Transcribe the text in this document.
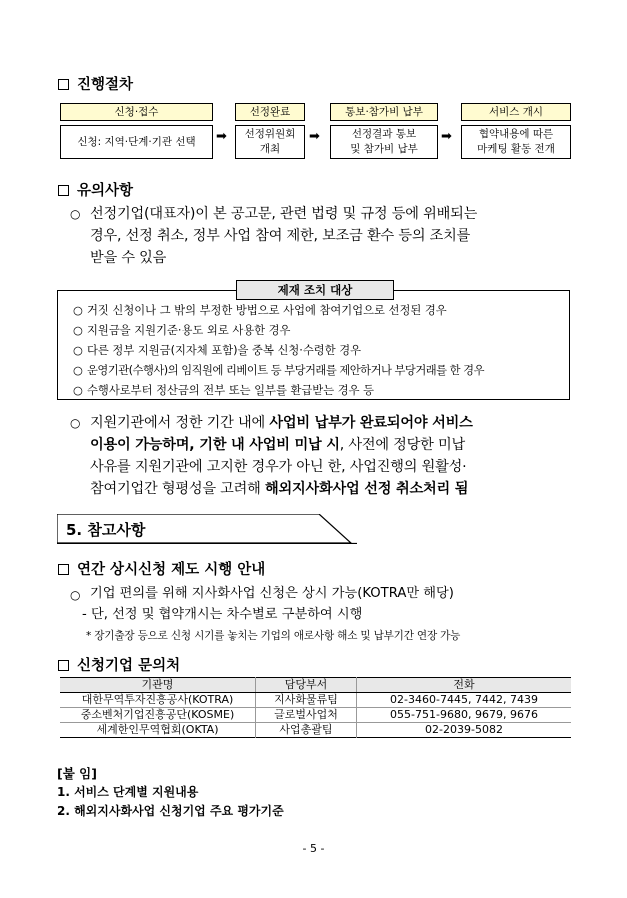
진행절차
신청·접수
신청: 지역·단계·기관 선택 ➡
선정완료
선정위원회
개최
➡
통보·참가비 납부
선정결과 통보
및 참가비 납부
➡
서비스 개시
협약내용에 따른
마케팅 활동 전개
유의사항
○ 선정기업(대표자)이 본 공고문, 관련 법령 및 규정 등에 위배되는
경우, 선정 취소, 정부 사업 참여 제한, 보조금 환수 등의 조치를
받을 수 있음
제재 조치 대상
○ 거짓 신청이나 그 밖의 부정한 방법으로 사업에 참여기업으로 선정된 경우
○ 지원금을 지원기준·용도 외로 사용한 경우
○ 다른 정부 지원금(지자체 포함)을 중복 신청·수령한 경우
○ 운영기관(수행사)의 임직원에 리베이트 등 부당거래를 제안하거나 부당거래를 한 경우
○ 수행사로부터 정산금의 전부 또는 일부를 환급받는 경우 등
○ 지원기관에서 정한 기간 내에 사업비 납부가 완료되어야 서비스
이용이 가능하며, 기한 내 사업비 미납 시, 사전에 정당한 미납
사유를 지원기관에 고지한 경우가 아닌 한, 사업진행의 원활성·
참여기업간 형평성을 고려해 해외지사화사업 선정 취소처리 됨
5. 참고사항
연간 상시신청 제도 시행 안내
○ 기업 편의를 위해 지사화사업 신청은 상시 가능(KOTRA만 해당)
- 단, 선정 및 협약개시는 차수별로 구분하여 시행
* 장기출장 등으로 신청 시기를 놓치는 기업의 애로사항 해소 및 납부기간 연장 가능
신청기업 문의처
기관명	담당부서	전화
대한무역투자진흥공사(KOTRA)	지사화물류팀	02-3460-7445, 7442, 7439
중소벤처기업진흥공단(KOSME)	글로벌사업처	055-751-9680, 9679, 9676
세계한인무역협회(OKTA)	사업총괄팀	02-2039-5082
[붙 임]
1. 서비스 단계별 지원내용
2. 해외지사화사업 신청기업 주요 평가기준
- 5 -
